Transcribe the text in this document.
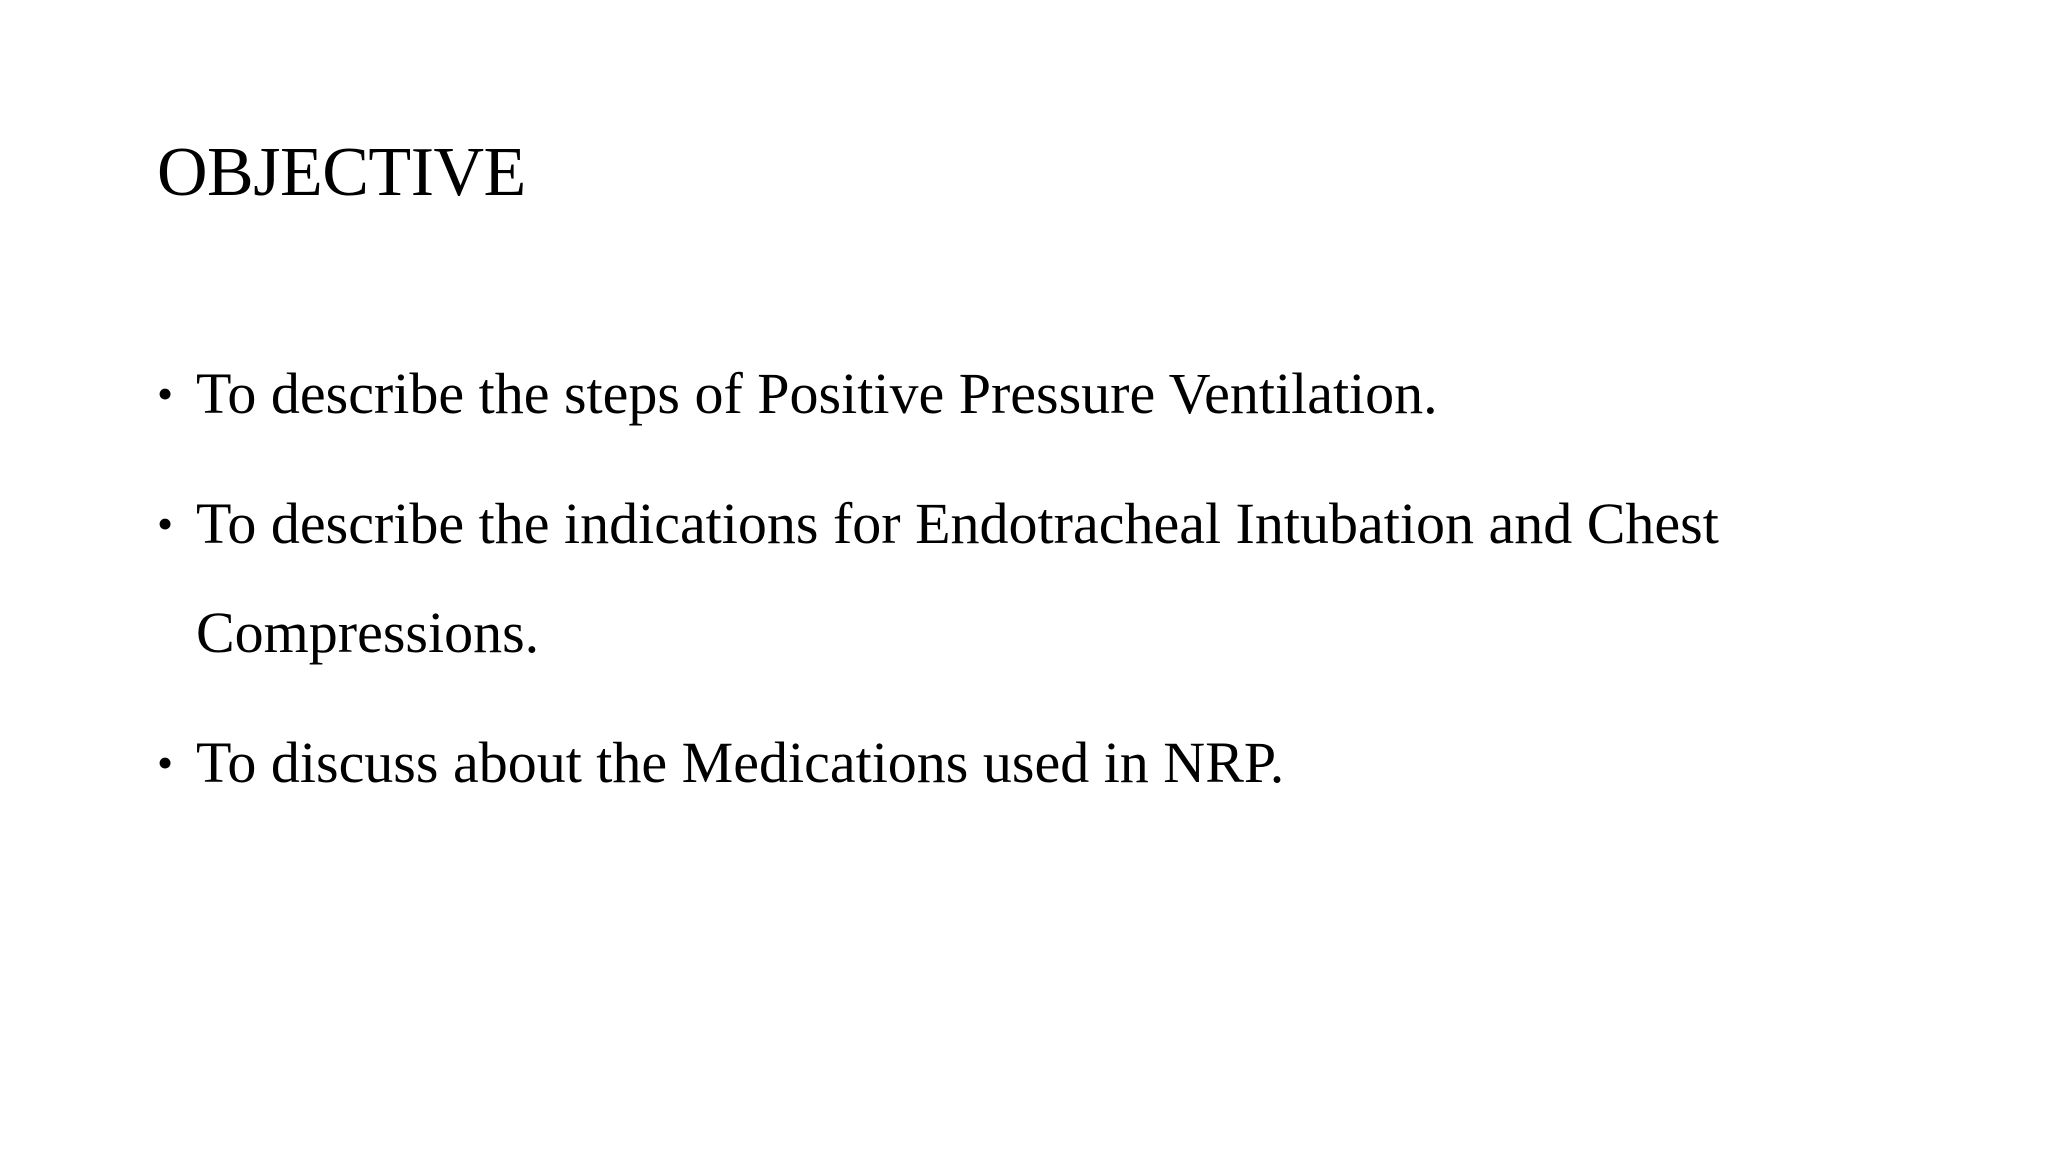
OBJECTIVE
• To describe the steps of Positive Pressure Ventilation.
• To describe the indications for Endotracheal Intubation and Chest Compressions.
• To discuss about the Medications used in NRP.
